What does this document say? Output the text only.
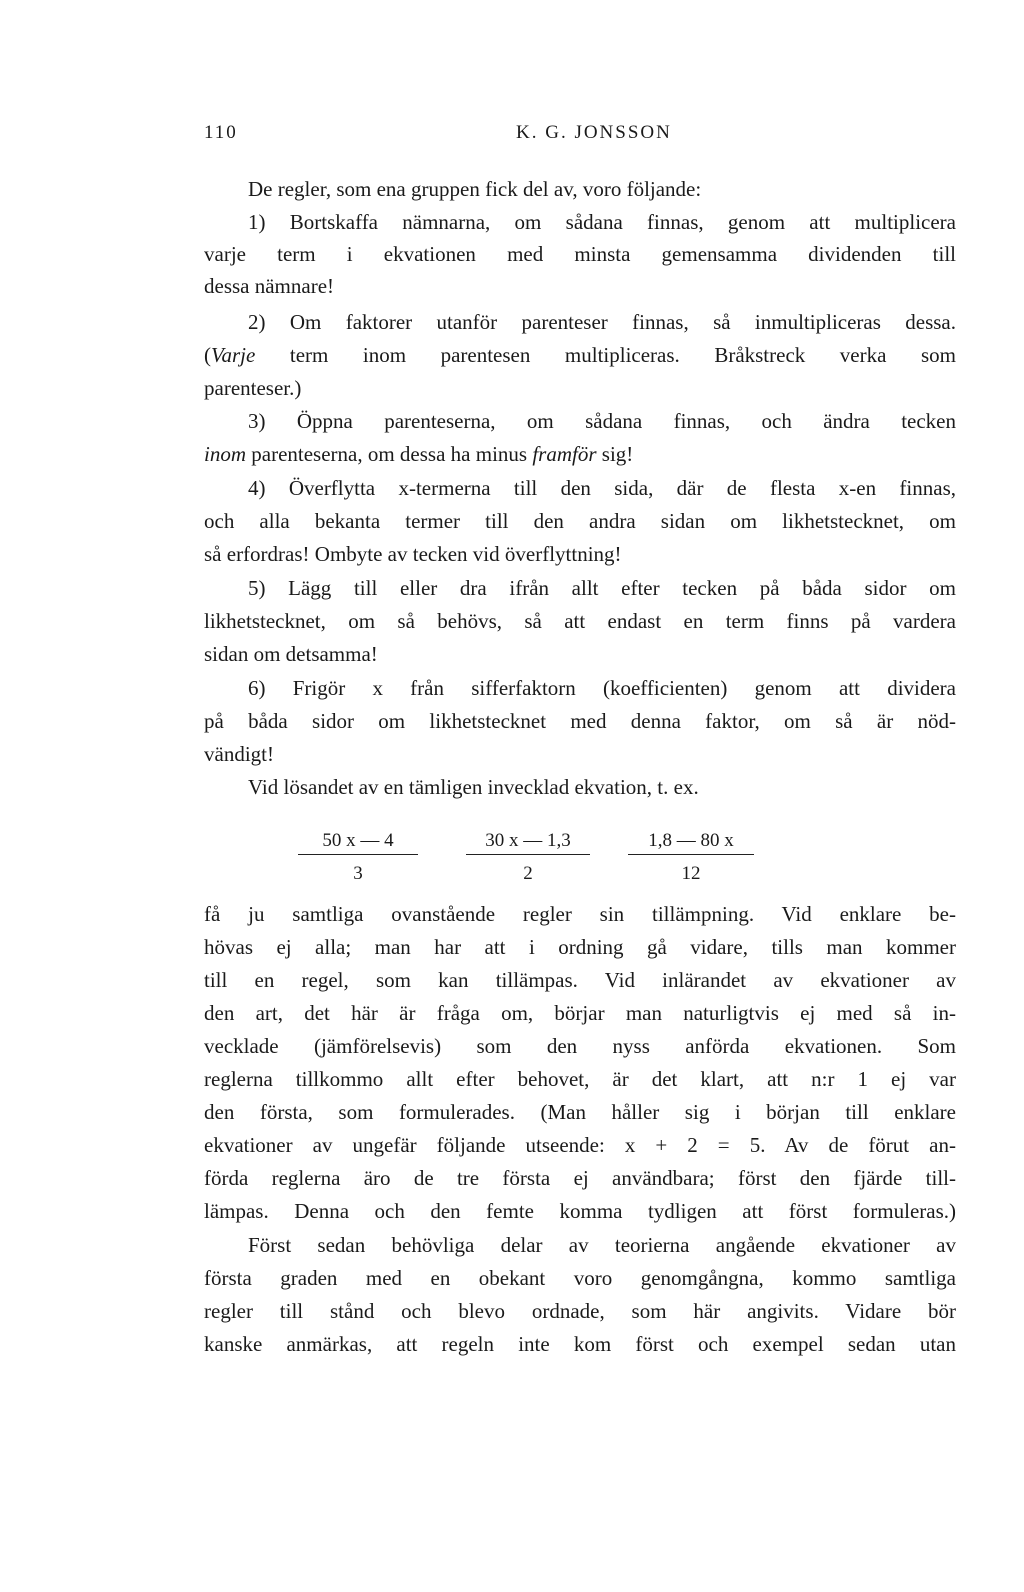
110	K. G. JONSSON
De regler, som ena gruppen fick del av, voro följande:
1) Bortskaffa nämnarna, om sådana finnas, genom att multiplicera
varje term i ekvationen med minsta gemensamma dividenden till
dessa nämnare!
2) Om faktorer utanför parenteser finnas, så inmultipliceras dessa.
(Varje term inom parentesen multipliceras. Bråkstreck verka som
parenteser.)
3) Öppna parenteserna, om sådana finnas, och ändra tecken
inom parenteserna, om dessa ha minus framför sig!
4) Överflytta x-termerna till den sida, där de flesta x-en finnas,
och alla bekanta termer till den andra sidan om likhetstecknet, om
så erfordras! Ombyte av tecken vid överflyttning!
5) Lägg till eller dra ifrån allt efter tecken på båda sidor om
likhetstecknet, om så behövs, så att endast en term finns på vardera
sidan om detsamma!
6) Frigör x från sifferfaktorn (koefficienten) genom att dividera
på båda sidor om likhetstecknet med denna faktor, om så är nöd-
vändigt!
Vid lösandet av en tämligen invecklad ekvation, t. ex.
50 x — 4
3
30 x — 1,3
2
1,8 — 80 x
12
få ju samtliga ovanstående regler sin tillämpning. Vid enklare be-
hövas ej alla; man har att i ordning gå vidare, tills man kommer
till en regel, som kan tillämpas. Vid inlärandet av ekvationer av
den art, det här är fråga om, börjar man naturligtvis ej med så in-
vecklade (jämförelsevis) som den nyss anförda ekvationen. Som
reglerna tillkommo allt efter behovet, är det klart, att n:r 1 ej var
den första, som formulerades. (Man håller sig i början till enklare
ekvationer av ungefär följande utseende: x + 2 = 5. Av de förut an-
förda reglerna äro de tre första ej användbara; först den fjärde till-
lämpas. Denna och den femte komma tydligen att först formuleras.)
Först sedan behövliga delar av teorierna angående ekvationer av
första graden med en obekant voro genomgångna, kommo samtliga
regler till stånd och blevo ordnade, som här angivits. Vidare bör
kanske anmärkas, att regeln inte kom först och exempel sedan utan
